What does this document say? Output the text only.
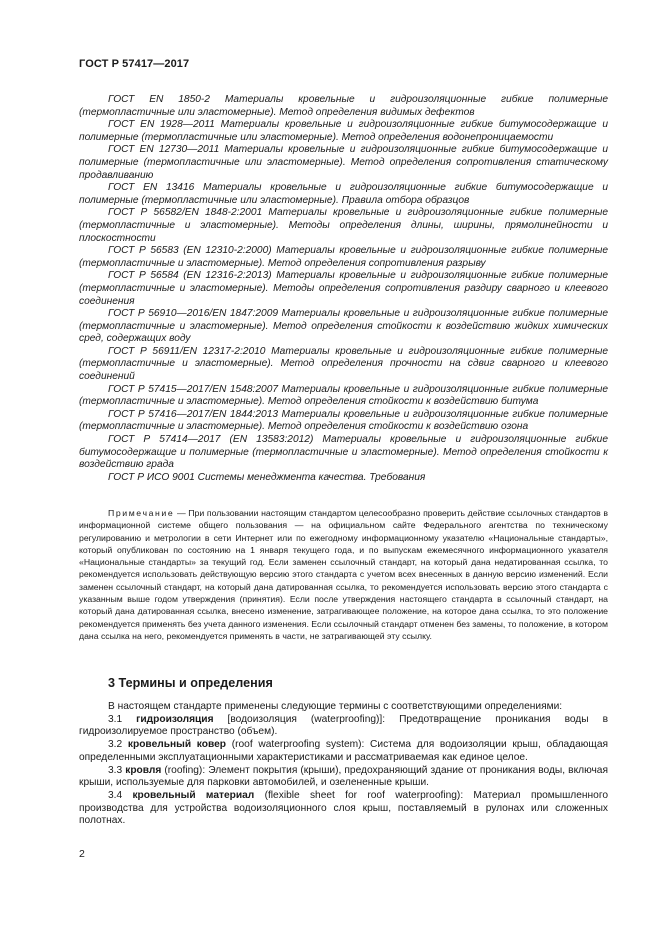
ГОСТ Р 57417—2017

ГОСТ EN 1850-2 Материалы кровельные и гидроизоляционные гибкие полимерные (термопластичные или эластомерные). Метод определения видимых дефектов

ГОСТ EN 1928—2011 Материалы кровельные и гидроизоляционные гибкие битумосодержащие и полимерные (термопластичные или эластомерные). Метод определения водонепроницаемости

ГОСТ EN 12730—2011 Материалы кровельные и гидроизоляционные гибкие битумосодержащие и полимерные (термопластичные или эластомерные). Метод определения сопротивления статическому продавливанию

ГОСТ EN 13416 Материалы кровельные и гидроизоляционные гибкие битумосодержащие и полимерные (термопластичные или эластомерные). Правила отбора образцов

ГОСТ Р 56582/EN 1848-2:2001 Материалы кровельные и гидроизоляционные гибкие полимерные (термопластичные и эластомерные). Методы определения длины, ширины, прямолинейности и плоскостности

ГОСТ Р 56583 (EN 12310-2:2000) Материалы кровельные и гидроизоляционные гибкие полимерные (термопластичные и эластомерные). Метод определения сопротивления разрыву

ГОСТ Р 56584 (EN 12316-2:2013) Материалы кровельные и гидроизоляционные гибкие полимерные (термопластичные и эластомерные). Методы определения сопротивления раздиру сварного и клеевого соединения

ГОСТ Р 56910—2016/EN 1847:2009 Материалы кровельные и гидроизоляционные гибкие полимерные (термопластичные и эластомерные). Метод определения стойкости к воздействию жидких химических сред, содержащих воду

ГОСТ Р 56911/EN 12317-2:2010 Материалы кровельные и гидроизоляционные гибкие полимерные (термопластичные и эластомерные). Метод определения прочности на сдвиг сварного и клеевого соединений

ГОСТ Р 57415—2017/EN 1548:2007 Материалы кровельные и гидроизоляционные гибкие полимерные (термопластичные и эластомерные). Метод определения стойкости к воздействию битума

ГОСТ Р 57416—2017/EN 1844:2013 Материалы кровельные и гидроизоляционные гибкие полимерные (термопластичные и эластомерные). Метод определения стойкости к воздействию озона

ГОСТ Р 57414—2017 (EN 13583:2012) Материалы кровельные и гидроизоляционные гибкие битумосодержащие и полимерные (термопластичные и эластомерные). Метод определения стойкости к воздействию града

ГОСТ Р ИСО 9001 Системы менеджмента качества. Требования

Примечание — При пользовании настоящим стандартом целесообразно проверить действие ссылочных стандартов в информационной системе общего пользования — на официальном сайте Федерального агентства по техническому регулированию и метрологии в сети Интернет или по ежегодному информационному указателю «Национальные стандарты», который опубликован по состоянию на 1 января текущего года, и по выпускам ежемесячного информационного указателя «Национальные стандарты» за текущий год. Если заменен ссылочный стандарт, на который дана недатированная ссылка, то рекомендуется использовать действующую версию этого стандарта с учетом всех внесенных в данную версию изменений. Если заменен ссылочный стандарт, на который дана датированная ссылка, то рекомендуется использовать версию этого стандарта с указанным выше годом утверждения (принятия). Если после утверждения настоящего стандарта в ссылочный стандарт, на который дана датированная ссылка, внесено изменение, затрагивающее положение, на которое дана ссылка, то это положение рекомендуется применять без учета данного изменения. Если ссылочный стандарт отменен без замены, то положение, в котором дана ссылка на него, рекомендуется применять в части, не затрагивающей эту ссылку.

3 Термины и определения

В настоящем стандарте применены следующие термины с соответствующими определениями:

3.1 гидроизоляция [водоизоляция (waterproofing)]: Предотвращение проникания воды в гидроизолируемое пространство (объем).

3.2 кровельный ковер (roof waterproofing system): Система для водоизоляции крыш, обладающая определенными эксплуатационными характеристиками и рассматриваемая как единое целое.

3.3 кровля (roofing): Элемент покрытия (крыши), предохраняющий здание от проникания воды, включая крыши, используемые для парковки автомобилей, и озелененные крыши.

3.4 кровельный материал (flexible sheet for roof waterproofing): Материал промышленного производства для устройства водоизоляционного слоя крыш, поставляемый в рулонах или сложенных полотнах.

2
